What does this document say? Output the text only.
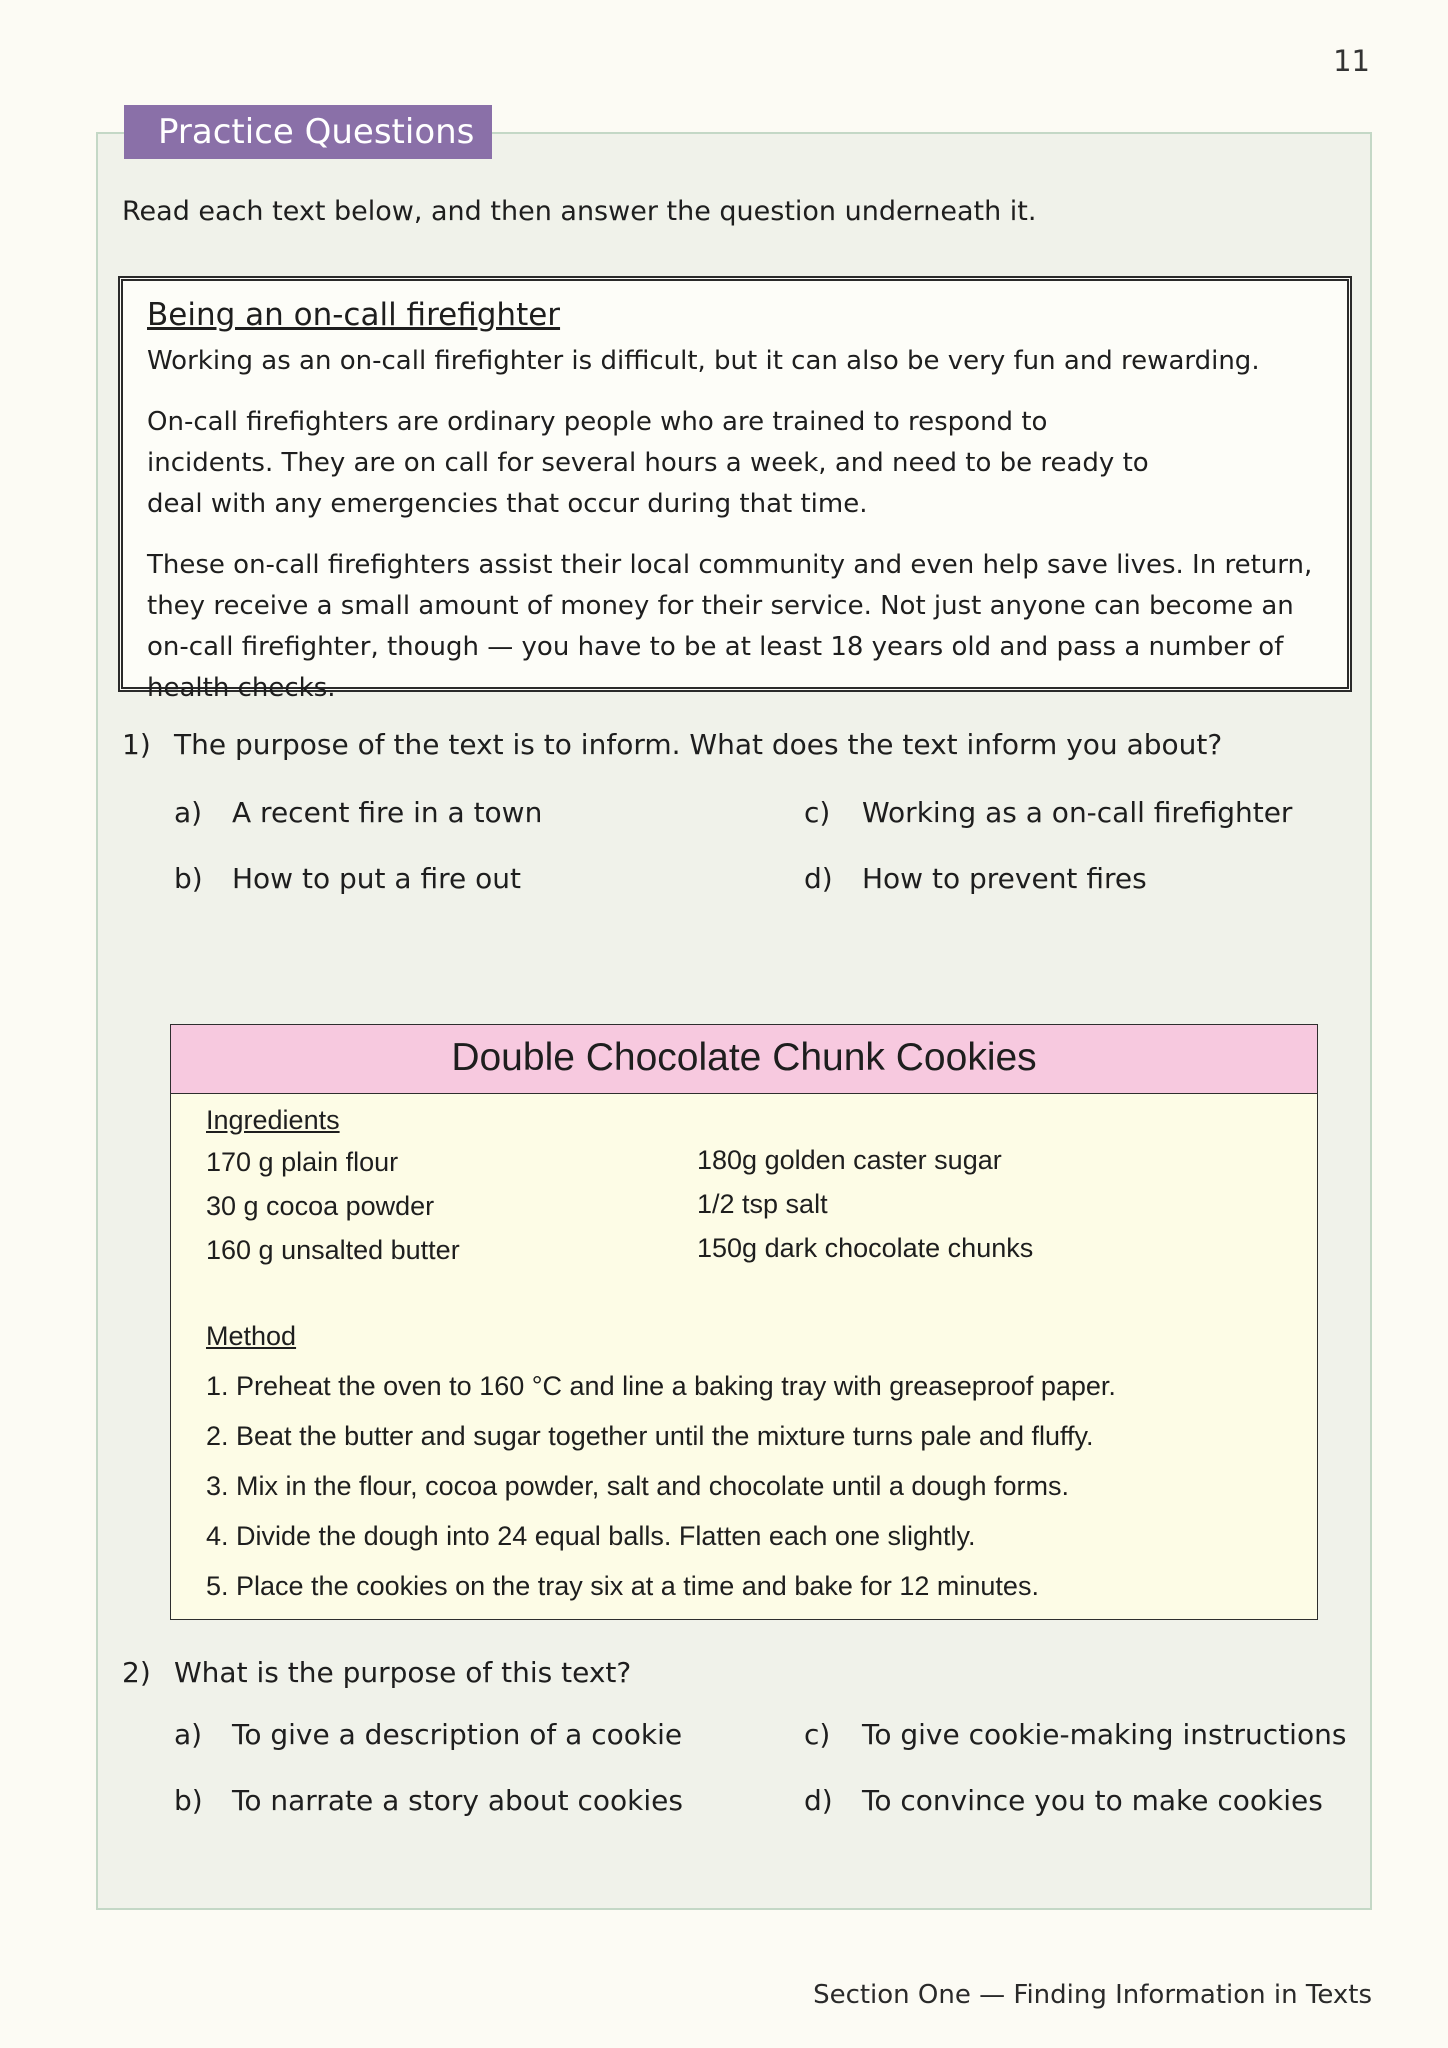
11
Practice Questions
Read each text below, and then answer the question underneath it.
Being an on-call firefighter

Working as an on-call firefighter is difficult, but it can also be very fun and rewarding.

On-call firefighters are ordinary people who are trained to respond to incidents. They are on call for several hours a week, and need to be ready to deal with any emergencies that occur during that time.

These on-call firefighters assist their local community and even help save lives. In return, they receive a small amount of money for their service. Not just anyone can become an on-call firefighter, though — you have to be at least 18 years old and pass a number of health checks.

1) The purpose of the text is to inform. What does the text inform you about?
a) A recent fire in a town
b) How to put a fire out
c) Working as a on-call firefighter
d) How to prevent fires
Double Chocolate Chunk Cookies
Ingredients
170 g plain flour
30 g cocoa powder
160 g unsalted butter
180g golden caster sugar
1/2 tsp salt
150g dark chocolate chunks
Method
1. Preheat the oven to 160 °C and line a baking tray with greaseproof paper.
2. Beat the butter and sugar together until the mixture turns pale and fluffy.
3. Mix in the flour, cocoa powder, salt and chocolate until a dough forms.
4. Divide the dough into 24 equal balls. Flatten each one slightly.
5. Place the cookies on the tray six at a time and bake for 12 minutes.
2) What is the purpose of this text?
a) To give a description of a cookie
b) To narrate a story about cookies
c) To give cookie-making instructions
d) To convince you to make cookies
Section One — Finding Information in Texts
